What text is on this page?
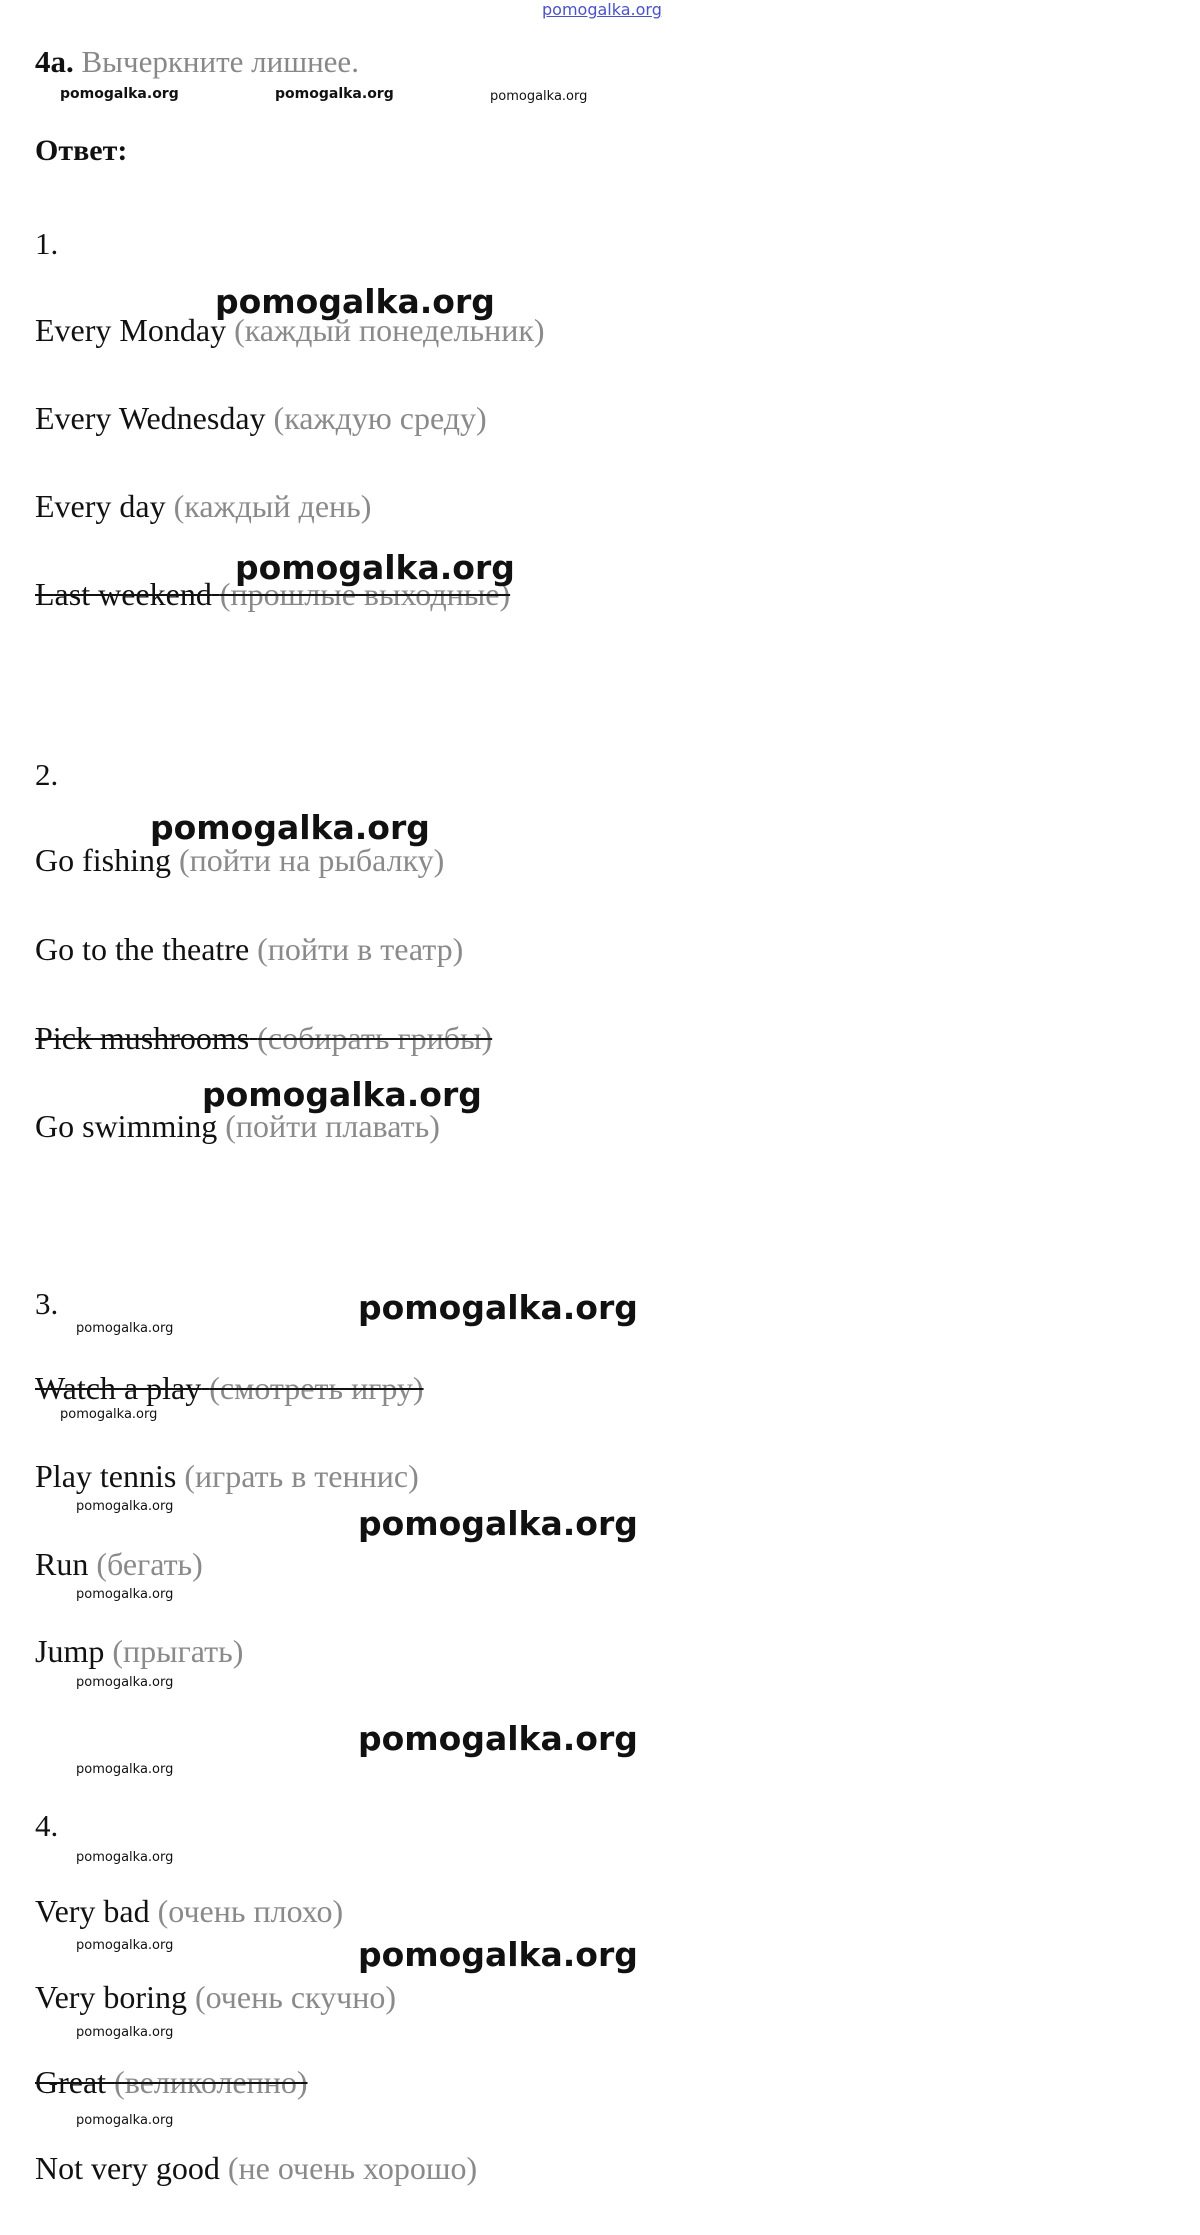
pomogalka.org
4a. Вычеркните лишнее.
pomogalka.org	pomogalka.org	pomogalka.org
Ответ:
1.
Every Monday (каждый понедельник)
Every Wednesday (каждую среду)
Every day (каждый день)
Last weekend (прошлые выходные)
pomogalka.org
pomogalka.org
2.
Go fishing (пойти на рыбалку)
Go to the theatre (пойти в театр)
Pick mushrooms (собирать грибы)
Go swimming (пойти плавать)
pomogalka.org
pomogalka.org
3.
Watch a play (смотреть игру)
Play tennis (играть в теннис)
Run (бегать)
Jump (прыгать)
pomogalka.org
pomogalka.org
pomogalka.org
4.
Very bad (очень плохо)
Very boring (очень скучно)
Great (великолепно)
Not very good (не очень хорошо)
pomogalka.org
pomogalka.org
pomogalka.org
pomogalka.org
pomogalka.org
pomogalka.org
pomogalka.org
pomogalka.org
pomogalka.org
pomogalka.org
pomogalka.org
